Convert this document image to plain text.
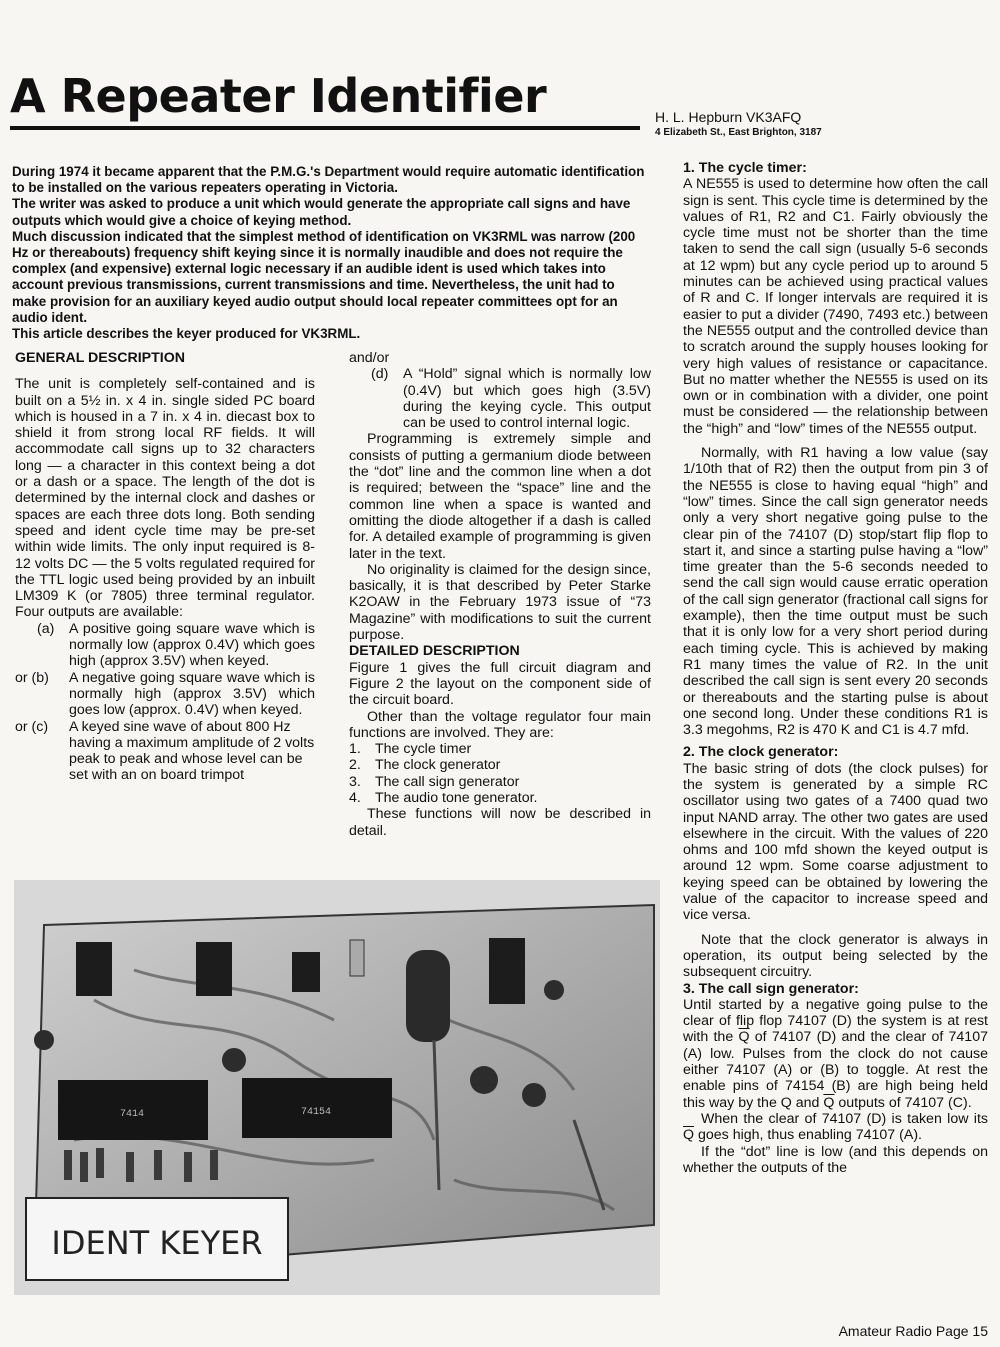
A Repeater Identifier	H. L. Hepburn VK3AFQ
4 Elizabeth St., East Brighton, 3187

During 1974 it became apparent that the P.M.G.'s Department would require automatic identification to be installed on the various repeaters operating in Victoria.

The writer was asked to produce a unit which would generate the appropriate call signs and have outputs which would give a choice of keying method.

Much discussion indicated that the simplest method of identification on VK3RML was narrow (200 Hz or thereabouts) frequency shift keying since it is normally inaudible and does not require the complex (and expensive) external logic necessary if an audible ident is used which takes into account previous transmissions, current transmissions and time. Nevertheless, the unit had to make provision for an auxiliary keyed audio output should local repeater committees opt for an audio ident.

This article describes the keyer produced for VK3RML.

GENERAL DESCRIPTION

The unit is completely self-contained and is built on a 5½ in. x 4 in. single sided PC board which is housed in a 7 in. x 4 in. diecast box to shield it from strong local RF fields. It will accommodate call signs up to 32 characters long — a character in this context being a dot or a dash or a space. The length of the dot is determined by the internal clock and dashes or spaces are each three dots long. Both sending speed and ident cycle time may be pre-set within wide limits. The only input required is 8-12 volts DC — the 5 volts regulated required for the TTL logic used being provided by an inbuilt LM309 K (or 7805) three terminal regulator. Four outputs are available:

(a)	A positive going square wave which is normally low (approx 0.4V) which goes high (approx 3.5V) when keyed.
or (b)	A negative going square wave which is normally high (approx 3.5V) which goes low (approx. 0.4V) when keyed.
or (c)	A keyed sine wave of about 800 Hz having a maximum amplitude of 2 volts peak to peak and whose level can be set with an on board trimpot

and/or

(d)	A “Hold” signal which is normally low (0.4V) but which goes high (3.5V) during the keying cycle. This output can be used to control internal logic.

Programming is extremely simple and consists of putting a germanium diode between the “dot” line and the common line when a dot is required; between the “space” line and the common line when a space is wanted and omitting the diode altogether if a dash is called for. A detailed example of programming is given later in the text.

No originality is claimed for the design since, basically, it is that described by Peter Starke K2OAW in the February 1973 issue of “73 Magazine” with modifications to suit the current purpose.

DETAILED DESCRIPTION

Figure 1 gives the full circuit diagram and Figure 2 the layout on the component side of the circuit board.

Other than the voltage regulator four main functions are involved. They are:

1. The cycle timer
2. The clock generator
3. The call sign generator
4. The audio tone generator.

These functions will now be described in detail.

1. The cycle timer:

A NE555 is used to determine how often the call sign is sent. This cycle time is determined by the values of R1, R2 and C1. Fairly obviously the cycle time must not be shorter than the time taken to send the call sign (usually 5-6 seconds at 12 wpm) but any cycle period up to around 5 minutes can be achieved using practical values of R and C. If longer intervals are required it is easier to put a divider (7490, 7493 etc.) between the NE555 output and the controlled device than to scratch around the supply houses looking for very high values of resistance or capacitance. But no matter whether the NE555 is used on its own or in combination with a divider, one point must be considered — the relationship between the “high” and “low” times of the NE555 output.

Normally, with R1 having a low value (say 1/10th that of R2) then the output from pin 3 of the NE555 is close to having equal “high” and “low” times. Since the call sign generator needs only a very short negative going pulse to the clear pin of the 74107 (D) stop/start flip flop to start it, and since a starting pulse having a “low” time greater than the 5-6 seconds needed to send the call sign would cause erratic operation of the call sign generator (fractional call signs for example), then the time output must be such that it is only low for a very short period during each timing cycle. This is achieved by making R1 many times the value of R2. In the unit described the call sign is sent every 20 seconds or thereabouts and the starting pulse is about one second long. Under these conditions R1 is 3.3 megohms, R2 is 470 K and C1 is 4.7 mfd.

2. The clock generator:

The basic string of dots (the clock pulses) for the system is generated by a simple RC oscillator using two gates of a 7400 quad two input NAND array. The other two gates are used elsewhere in the circuit. With the values of 220 ohms and 100 mfd shown the keyed output is around 12 wpm. Some coarse adjustment to keying speed can be obtained by lowering the value of the capacitor to increase speed and vice versa.

Note that the clock generator is always in operation, its output being selected by the subsequent circuitry.

3. The call sign generator:

Until started by a negative going pulse to the clear of flip flop 74107 (D) the system is at rest with the $\overline{Q}$ of 74107 (D) and the clear of 74107 (A) low. Pulses from the clock do not cause either 74107 (A) or (B) to toggle. At rest the enable pins of 74154 (B) are high being held this way by the Q and $\overline{Q}$ outputs of 74107 (C).

When the clear of 74107 (D) is taken low its $\overline{Q}$ goes high, thus enabling 74107 (A).

If the “dot” line is low (and this depends on whether the outputs of the

7414	74154
IDENT KEYER
Amateur Radio Page 15
